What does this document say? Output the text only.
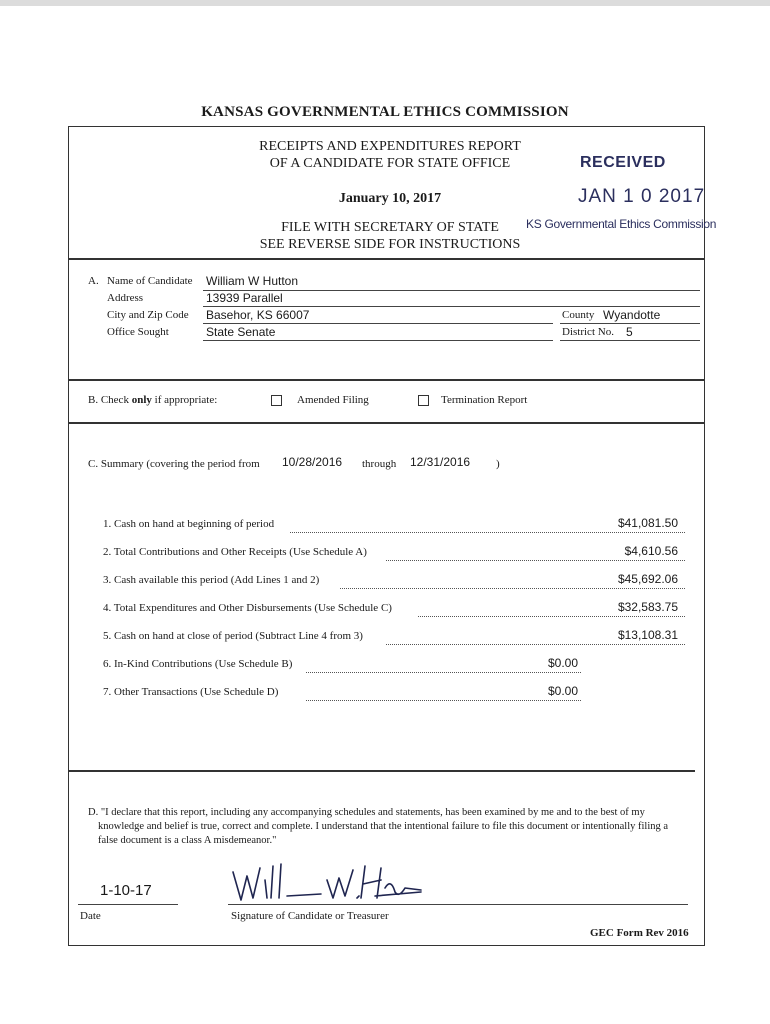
KANSAS GOVERNMENTAL ETHICS COMMISSION
RECEIPTS AND EXPENDITURES REPORT
OF A CANDIDATE FOR STATE OFFICE
January 10, 2017
FILE WITH SECRETARY OF STATE
SEE REVERSE SIDE FOR INSTRUCTIONS
RECEIVED
JAN 1 0 2017
KS Governmental Ethics Commission
A. Name of Candidate William W Hutton
Address	13939 Parallel
City and Zip Code Basehor, KS 66007	County Wyandotte
Office Sought	State Senate	District No. 5
B. Check only if appropriate:	Amended Filing	Termination Report
C. Summary (covering the period from 10/28/2016 through 12/31/2016 )
1. Cash on hand at beginning of period	$41,081.50
2. Total Contributions and Other Receipts (Use Schedule A)	$4,610.56
3. Cash available this period (Add Lines 1 and 2)	$45,692.06
4. Total Expenditures and Other Disbursements (Use Schedule C)	$32,583.75
5. Cash on hand at close of period (Subtract Line 4 from 3)	$13,108.31
6. In-Kind Contributions (Use Schedule B)	$0.00
7. Other Transactions (Use Schedule D)	$0.00
D. "I declare that this report, including any accompanying schedules and statements, has been examined by me and to the best of my knowledge and belief is true, correct and complete. I understand that the intentional failure to file this document or intentionally filing a false document is a class A misdemeanor."
1-10-17
Date	Signature of Candidate or Treasurer
GEC Form Rev 2016
